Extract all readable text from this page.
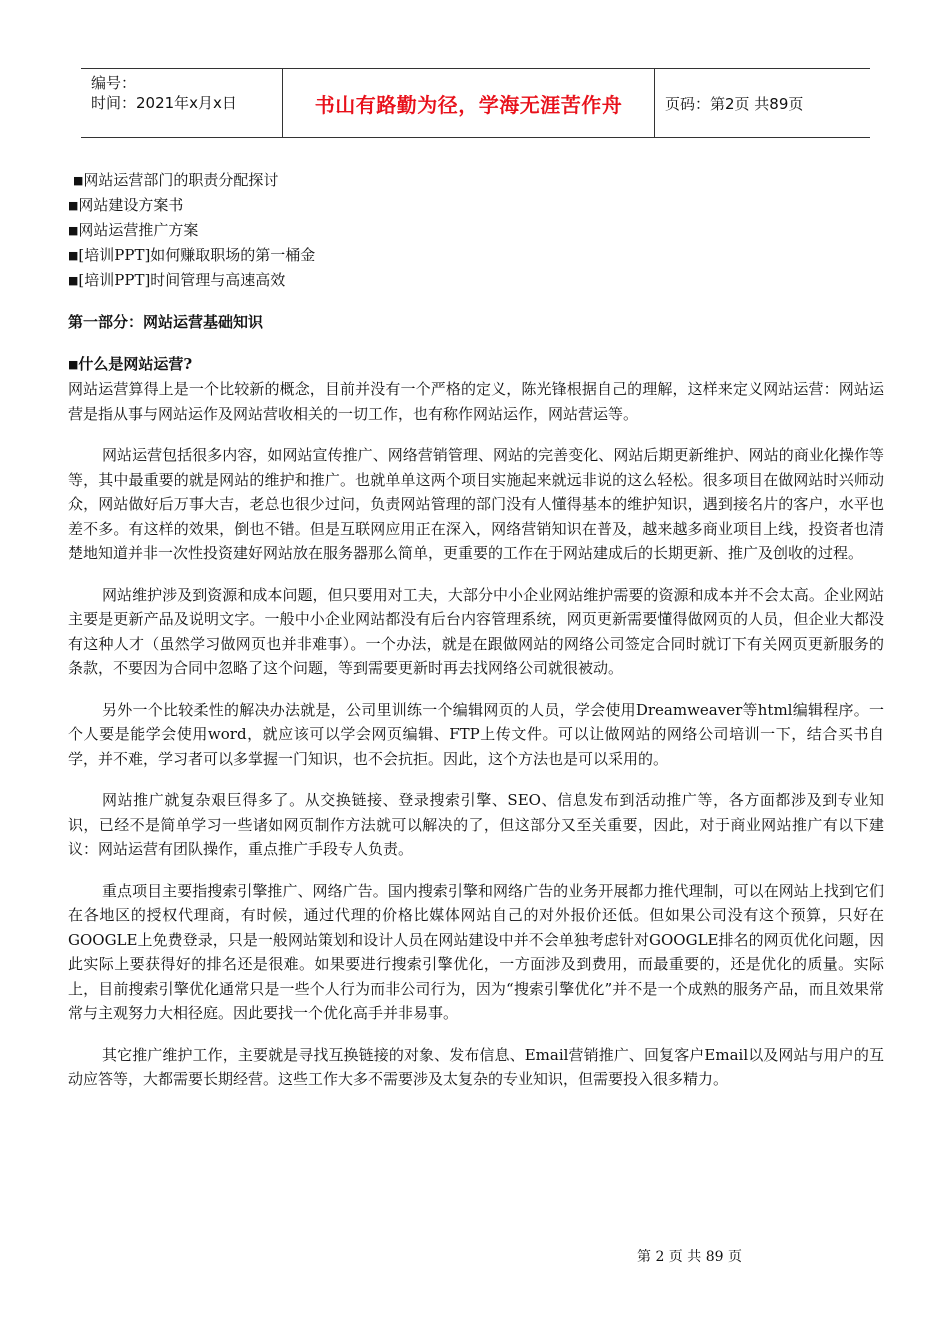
编号：
时间：2021年x月x日	书山有路勤为径，学海无涯苦作舟	页码：第2页 共89页
■网站运营部门的职责分配探讨
■网站建设方案书
■网站运营推广方案
■[培训PPT]如何赚取职场的第一桶金
■[培训PPT]时间管理与高速高效
第一部分：网站运营基础知识
■什么是网站运营?

网站运营算得上是一个比较新的概念，目前并没有一个严格的定义，陈光锋根据自己的理解，这样来定义网站运营：网站运营是指从事与网站运作及网站营收相关的一切工作，也有称作网站运作，网站营运等。

网站运营包括很多内容，如网站宣传推广、网络营销管理、网站的完善变化、网站后期更新维护、网站的商业化操作等等，其中最重要的就是网站的维护和推广。也就单单这两个项目实施起来就远非说的这么轻松。很多项目在做网站时兴师动众，网站做好后万事大吉，老总也很少过问，负责网站管理的部门没有人懂得基本的维护知识，遇到接名片的客户，水平也差不多。有这样的效果，倒也不错。但是互联网应用正在深入，网络营销知识在普及，越来越多商业项目上线，投资者也清楚地知道并非一次性投资建好网站放在服务器那么简单，更重要的工作在于网站建成后的长期更新、推广及创收的过程。

网站维护涉及到资源和成本问题，但只要用对工夫，大部分中小企业网站维护需要的资源和成本并不会太高。企业网站主要是更新产品及说明文字。一般中小企业网站都没有后台内容管理系统，网页更新需要懂得做网页的人员，但企业大都没有这种人才（虽然学习做网页也并非难事）。一个办法，就是在跟做网站的网络公司签定合同时就订下有关网页更新服务的条款，不要因为合同中忽略了这个问题，等到需要更新时再去找网络公司就很被动。

另外一个比较柔性的解决办法就是，公司里训练一个编辑网页的人员，学会使用Dreamweaver等html编辑程序。一个人要是能学会使用word，就应该可以学会网页编辑、FTP上传文件。可以让做网站的网络公司培训一下，结合买书自学，并不难，学习者可以多掌握一门知识，也不会抗拒。因此，这个方法也是可以采用的。

网站推广就复杂艰巨得多了。从交换链接、登录搜索引擎、SEO、信息发布到活动推广等，各方面都涉及到专业知识，已经不是简单学习一些诸如网页制作方法就可以解决的了，但这部分又至关重要，因此，对于商业网站推广有以下建议：网站运营有团队操作，重点推广手段专人负责。

重点项目主要指搜索引擎推广、网络广告。国内搜索引擎和网络广告的业务开展都力推代理制，可以在网站上找到它们在各地区的授权代理商，有时候，通过代理的价格比媒体网站自己的对外报价还低。但如果公司没有这个预算，只好在GOOGLE上免费登录，只是一般网站策划和设计人员在网站建设中并不会单独考虑针对GOOGLE排名的网页优化问题，因此实际上要获得好的排名还是很难。如果要进行搜索引擎优化，一方面涉及到费用，而最重要的，还是优化的质量。实际上，目前搜索引擎优化通常只是一些个人行为而非公司行为，因为“搜索引擎优化”并不是一个成熟的服务产品，而且效果常常与主观努力大相径庭。因此要找一个优化高手并非易事。

其它推广维护工作，主要就是寻找互换链接的对象、发布信息、Email营销推广、回复客户Email以及网站与用户的互动应答等，大都需要长期经营。这些工作大多不需要涉及太复杂的专业知识，但需要投入很多精力。

第 2 页 共 89 页
